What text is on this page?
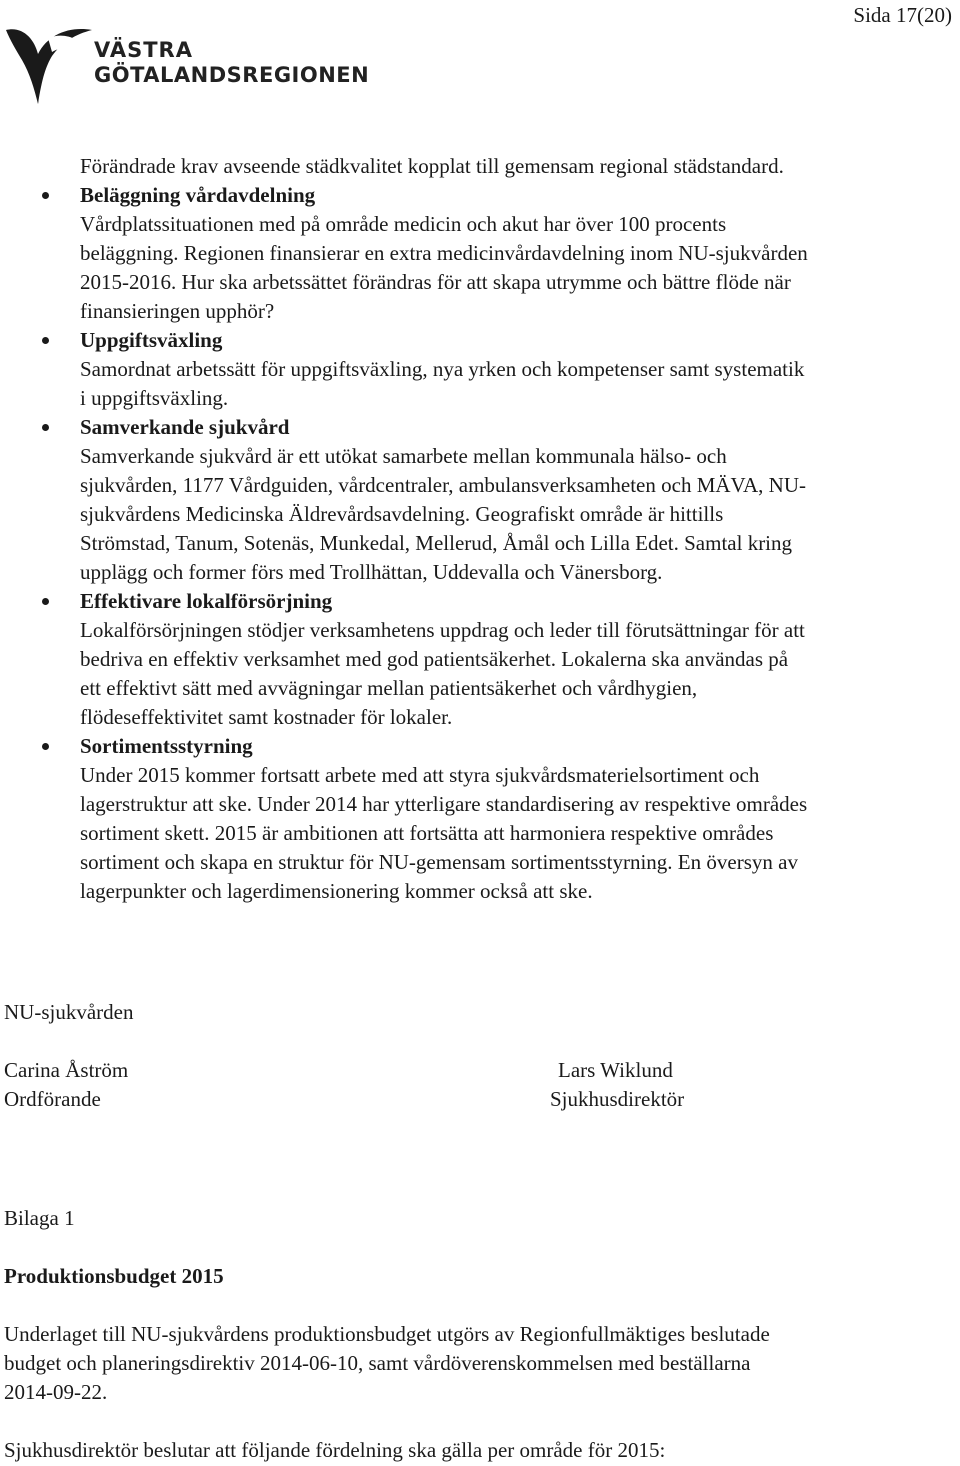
Sida 17(20)
VÄSTRA
GÖTALANDSREGIONEN
Förändrade krav avseende städkvalitet kopplat till gemensam regional städstandard.
Beläggning vårdavdelning
Vårdplatssituationen med på område medicin och akut har över 100 procents
beläggning. Regionen finansierar en extra medicinvårdavdelning inom NU-sjukvården
2015-2016. Hur ska arbetssättet förändras för att skapa utrymme och bättre flöde när
finansieringen upphör?
Uppgiftsväxling
Samordnat arbetssätt för uppgiftsväxling, nya yrken och kompetenser samt systematik
i uppgiftsväxling.
Samverkande sjukvård
Samverkande sjukvård är ett utökat samarbete mellan kommunala hälso- och
sjukvården, 1177 Vårdguiden, vårdcentraler, ambulansverksamheten och MÄVA, NU-
sjukvårdens Medicinska Äldrevårdsavdelning. Geografiskt område är hittills
Strömstad, Tanum, Sotenäs, Munkedal, Mellerud, Åmål och Lilla Edet. Samtal kring
upplägg och former förs med Trollhättan, Uddevalla och Vänersborg.
Effektivare lokalförsörjning
Lokalförsörjningen stödjer verksamhetens uppdrag och leder till förutsättningar för att
bedriva en effektiv verksamhet med god patientsäkerhet. Lokalerna ska användas på
ett effektivt sätt med avvägningar mellan patientsäkerhet och vårdhygien,
flödeseffektivitet samt kostnader för lokaler.
Sortimentsstyrning
Under 2015 kommer fortsatt arbete med att styra sjukvårdsmaterielsortiment och
lagerstruktur att ske. Under 2014 har ytterligare standardisering av respektive områdes
sortiment skett. 2015 är ambitionen att fortsätta att harmoniera respektive områdes
sortiment och skapa en struktur för NU-gemensam sortimentsstyrning. En översyn av
lagerpunkter och lagerdimensionering kommer också att ske.
NU-sjukvården
Carina Åström
Ordförande
Lars Wiklund
Sjukhusdirektör
Bilaga 1
Produktionsbudget 2015
Underlaget till NU-sjukvårdens produktionsbudget utgörs av Regionfullmäktiges beslutade
budget och planeringsdirektiv 2014-06-10, samt vårdöverenskommelsen med beställarna
2014-09-22.
Sjukhusdirektör beslutar att följande fördelning ska gälla per område för 2015:
